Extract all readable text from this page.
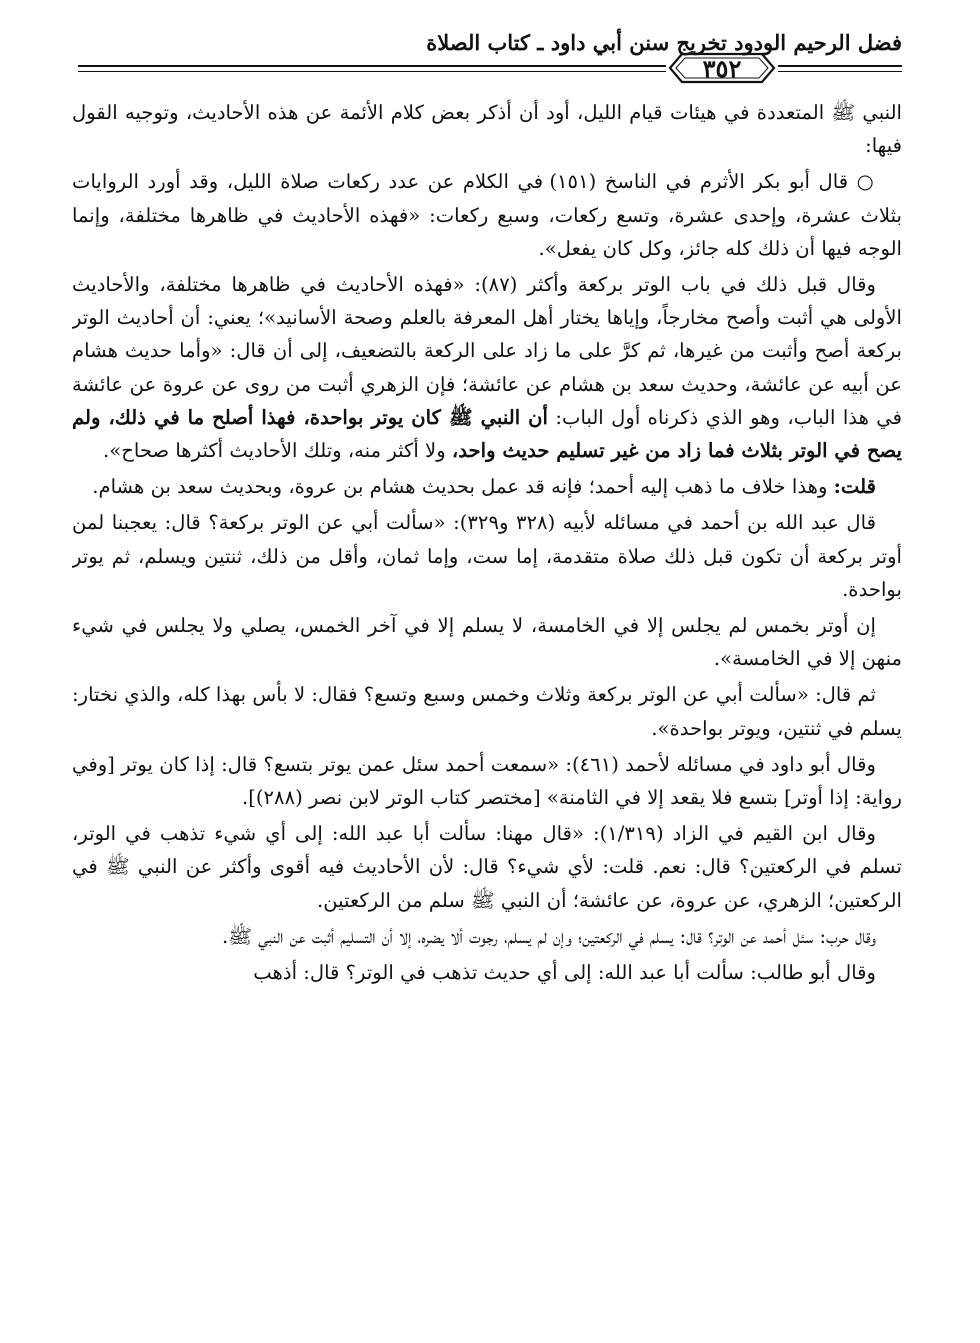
فضل الرحيم الودود تخريج سنن أبي داود ـ كتاب الصلاة
٣٥٢

النبي ﷺ المتعددة في هيئات قيام الليل، أود أن أذكر بعض كلام الأئمة عن هذه الأحاديث، وتوجيه القول فيها:

○ قال أبو بكر الأثرم في الناسخ (١٥١) في الكلام عن عدد ركعات صلاة الليل، وقد أورد الروايات بثلاث عشرة، وإحدى عشرة، وتسع ركعات، وسبع ركعات: «فهذه الأحاديث في ظاهرها مختلفة، وإنما الوجه فيها أن ذلك كله جائز، وكل كان يفعل».

وقال قبل ذلك في باب الوتر بركعة وأكثر (٨٧): «فهذه الأحاديث في ظاهرها مختلفة، والأحاديث الأولى هي أثبت وأصح مخارجاً، وإياها يختار أهل المعرفة بالعلم وصحة الأسانيد»؛ يعني: أن أحاديث الوتر بركعة أصح وأثبت من غيرها، ثم كرَّ على ما زاد على الركعة بالتضعيف، إلى أن قال: «وأما حديث هشام عن أبيه عن عائشة، وحديث سعد بن هشام عن عائشة؛ فإن الزهري أثبت من روى عن عروة عن عائشة في هذا الباب، وهو الذي ذكرناه أول الباب: أن النبي ﷺ كان يوتر بواحدة، فهذا أصلح ما في ذلك، ولم يصح في الوتر بثلاث فما زاد من غير تسليم حديث واحد، ولا أكثر منه، وتلك الأحاديث أكثرها صحاح».

قلت: وهذا خلاف ما ذهب إليه أحمد؛ فإنه قد عمل بحديث هشام بن عروة، وبحديث سعد بن هشام.

قال عبد الله بن أحمد في مسائله لأبيه (٣٢٨ و٣٢٩): «سألت أبي عن الوتر بركعة؟ قال: يعجبنا لمن أوتر بركعة أن تكون قبل ذلك صلاة متقدمة، إما ست، وإما ثمان، وأقل من ذلك، ثنتين ويسلم، ثم يوتر بواحدة.

إن أوتر بخمس لم يجلس إلا في الخامسة، لا يسلم إلا في آخر الخمس، يصلي ولا يجلس في شيء منهن إلا في الخامسة».

ثم قال: «سألت أبي عن الوتر بركعة وثلاث وخمس وسبع وتسع؟ فقال: لا بأس بهذا كله، والذي نختار: يسلم في ثنتين، ويوتر بواحدة».

وقال أبو داود في مسائله لأحمد (٤٦١): «سمعت أحمد سئل عمن يوتر بتسع؟ قال: إذا كان يوتر [وفي رواية: إذا أوتر] بتسع فلا يقعد إلا في الثامنة» [مختصر كتاب الوتر لابن نصر (٢٨٨)].

وقال ابن القيم في الزاد (١/٣١٩): «قال مهنا: سألت أبا عبد الله: إلى أي شيء تذهب في الوتر، تسلم في الركعتين؟ قال: نعم. قلت: لأي شيء؟ قال: لأن الأحاديث فيه أقوى وأكثر عن النبي ﷺ في الركعتين؛ الزهري، عن عروة، عن عائشة؛ أن النبي ﷺ سلم من الركعتين.

وقال حرب: سئل أحمد عن الوتر؟ قال: يسلم في الركعتين؛ وإن لم يسلم، رجوت ألا يضره، إلا أن التسليم أثبت عن النبي ﷺ.

وقال أبو طالب: سألت أبا عبد الله: إلى أي حديث تذهب في الوتر؟ قال: أذهب
